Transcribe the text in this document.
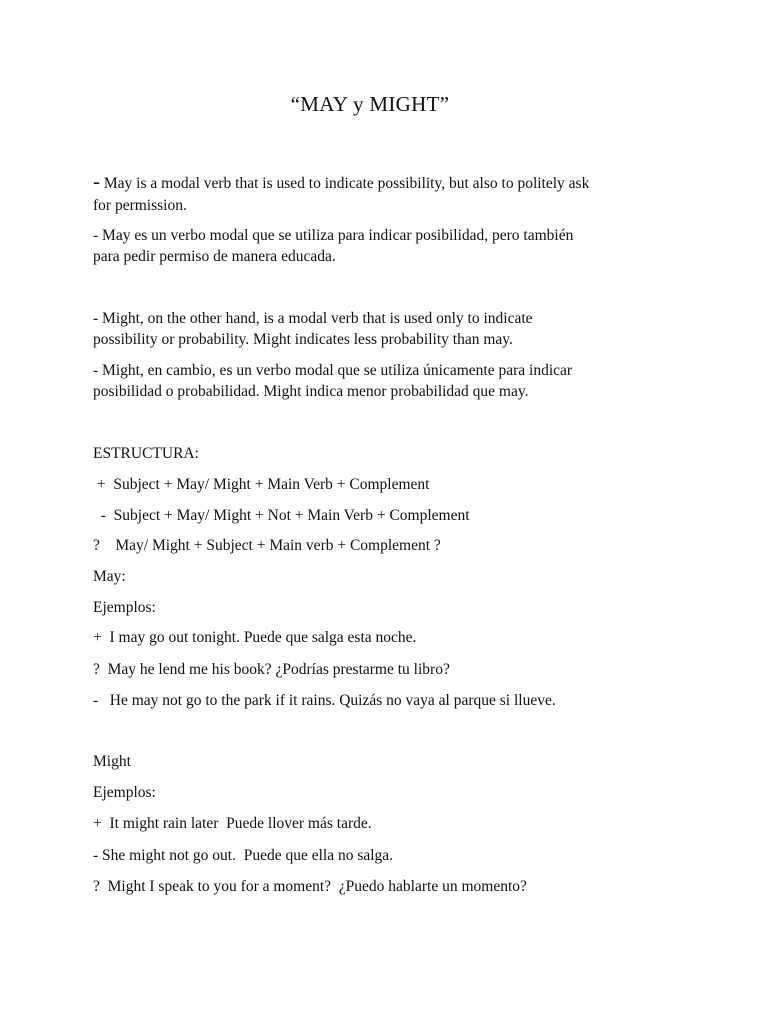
“MAY y MIGHT”
- May is a modal verb that is used to indicate possibility, but also to politely ask
for permission.
- May es un verbo modal que se utiliza para indicar posibilidad, pero también
para pedir permiso de manera educada.
- Might, on the other hand, is a modal verb that is used only to indicate
possibility or probability. Might indicates less probability than may.
- Might, en cambio, es un verbo modal que se utiliza únicamente para indicar
posibilidad o probabilidad. Might indica menor probabilidad que may.
ESTRUCTURA:
+  Subject + May/ Might + Main Verb + Complement
-  Subject + May/ Might + Not + Main Verb + Complement
?    May/ Might + Subject + Main verb + Complement ?
May:
Ejemplos:
+  I may go out tonight. Puede que salga esta noche.
?  May he lend me his book? ¿Podrías prestarme tu libro?
-   He may not go to the park if it rains. Quizás no vaya al parque si llueve.
Might
Ejemplos:
+  It might rain later  Puede llover más tarde.
- She might not go out.  Puede que ella no salga.
?  Might I speak to you for a moment?  ¿Puedo hablarte un momento?
